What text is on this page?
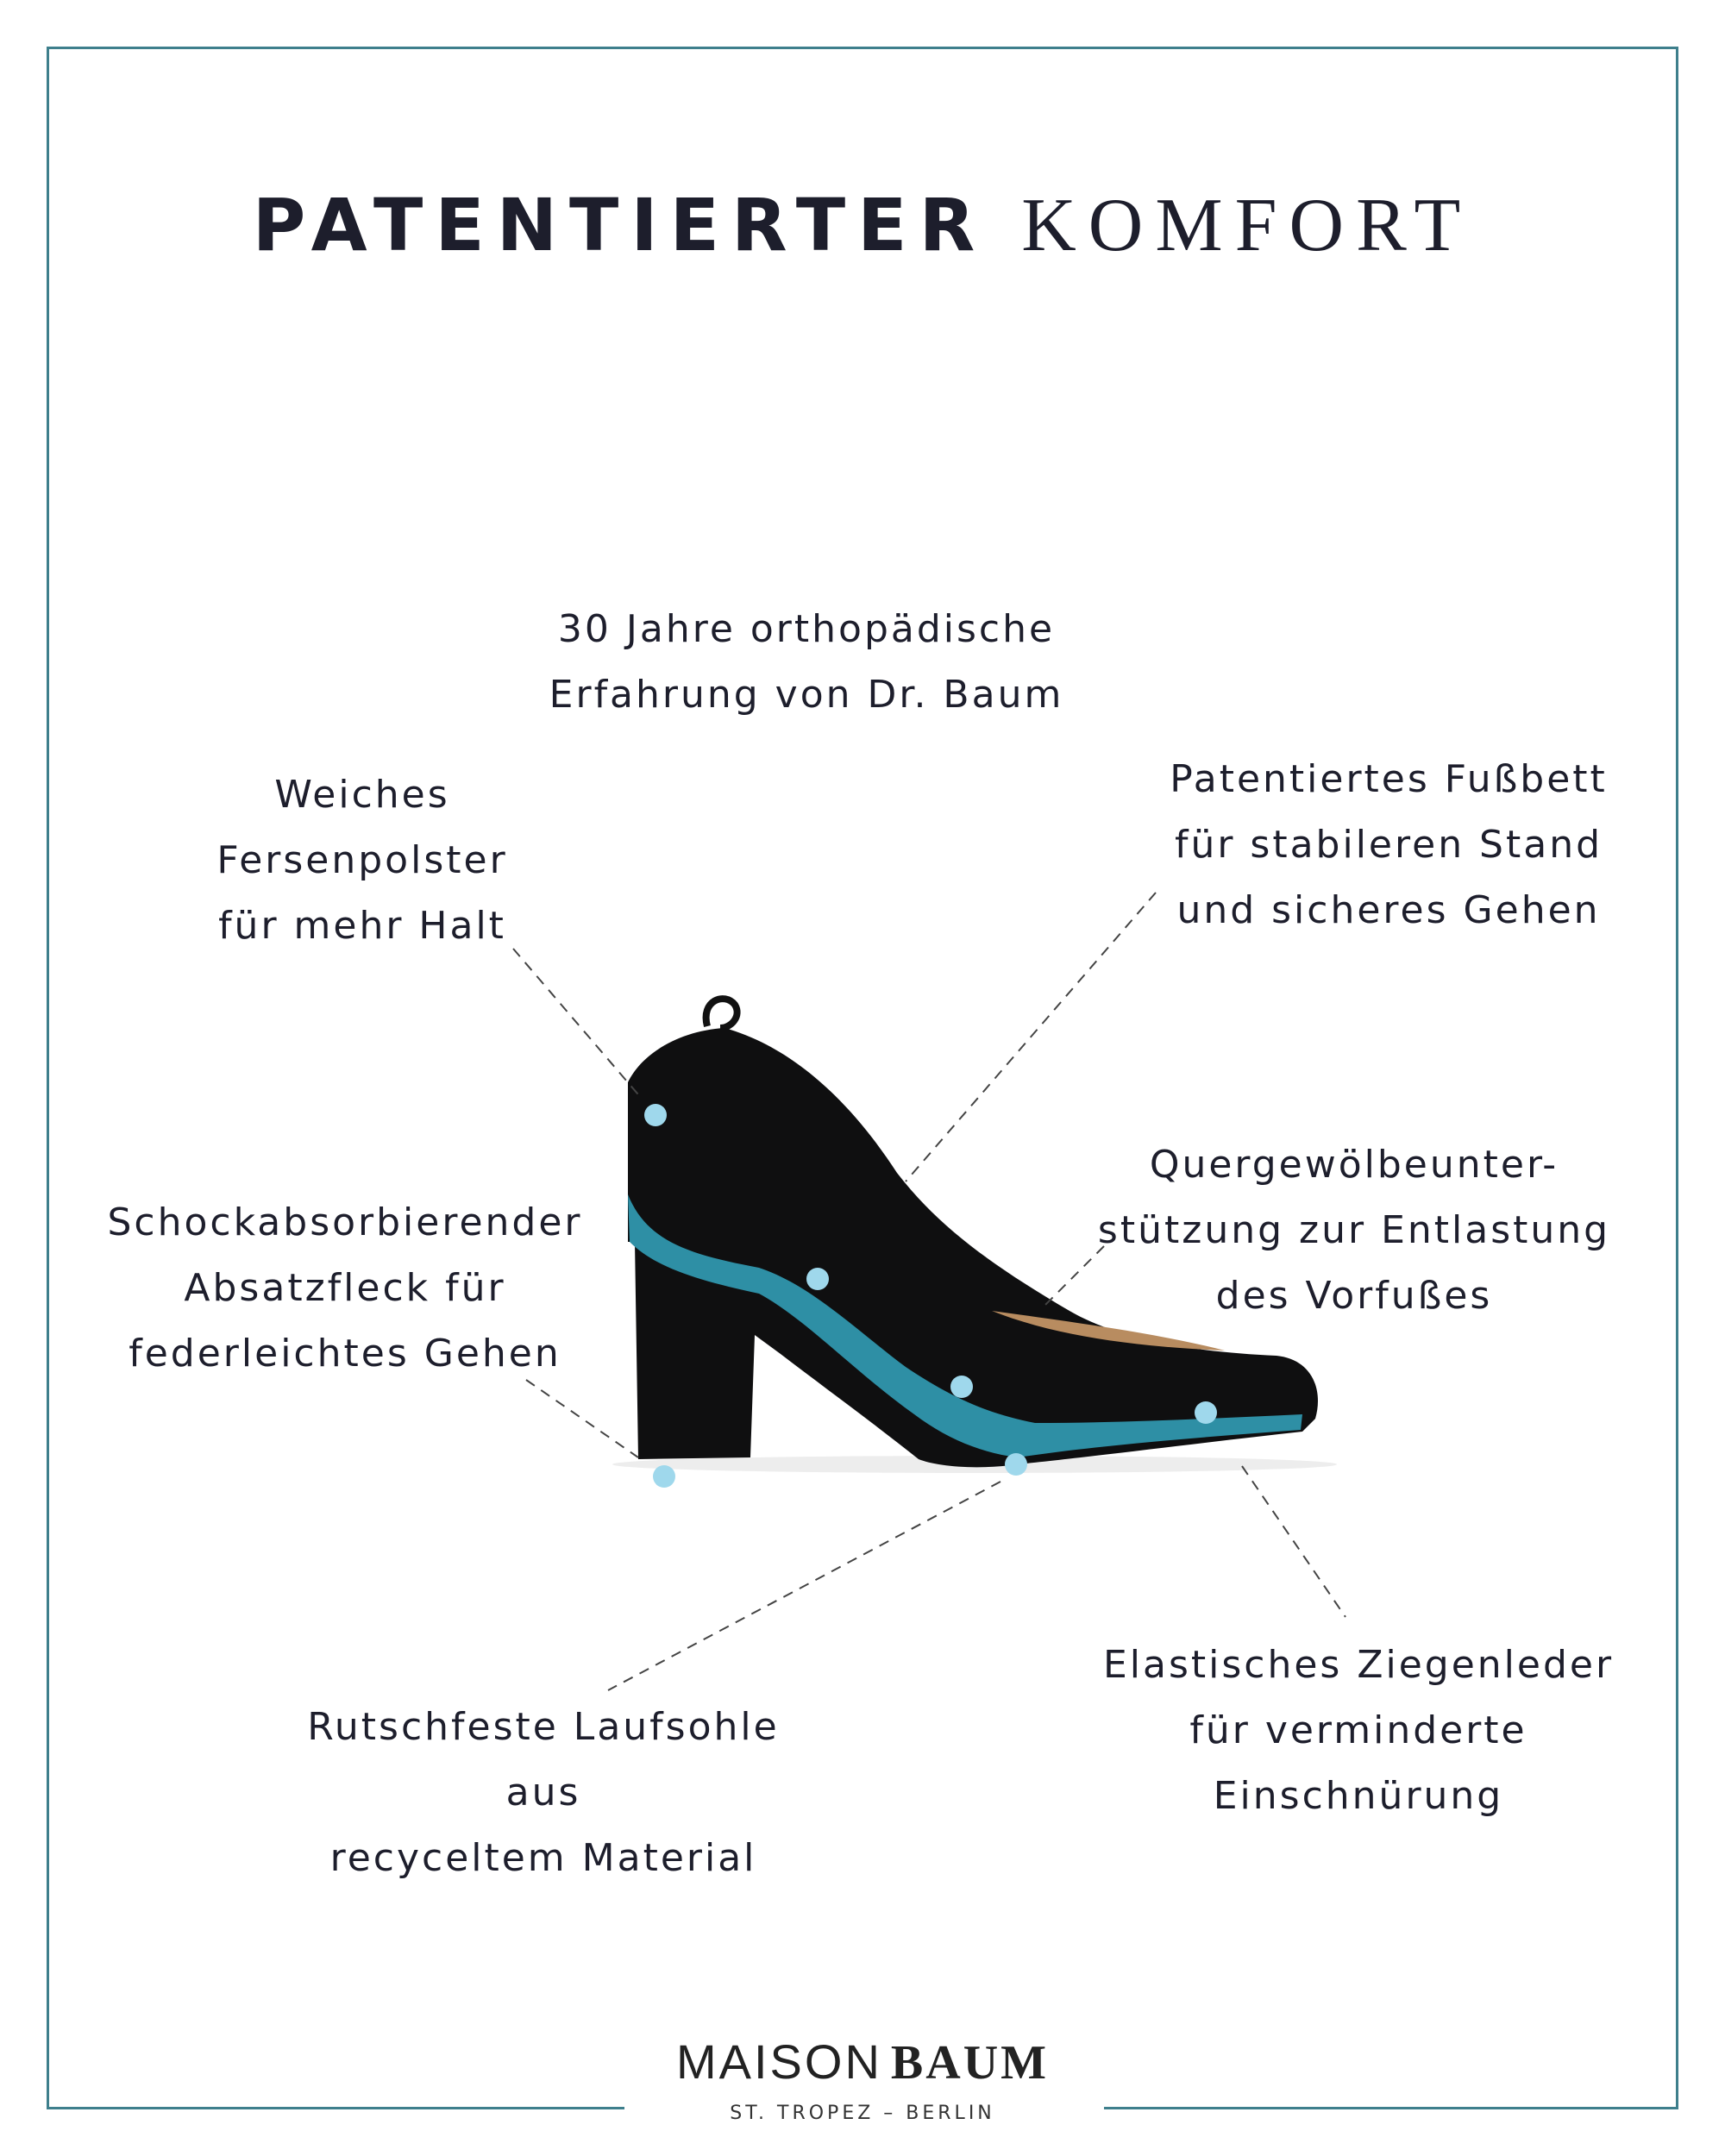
PATENTIERTER KOMFORT
30 Jahre orthopädische
Erfahrung von Dr. Baum
Weiches
Fersenpolster
für mehr Halt
Patentiertes Fußbett
für stabileren Stand
und sicheres Gehen
Quergewölbeunter-
stützung zur Entlastung
des Vorfußes
Schockabsorbierender
Absatzfleck für
federleichtes Gehen
Rutschfeste Laufsohle
aus
recyceltem Material
Elastisches Ziegenleder
für verminderte
Einschnürung
MAISON BAUM
ST. TROPEZ – BERLIN
